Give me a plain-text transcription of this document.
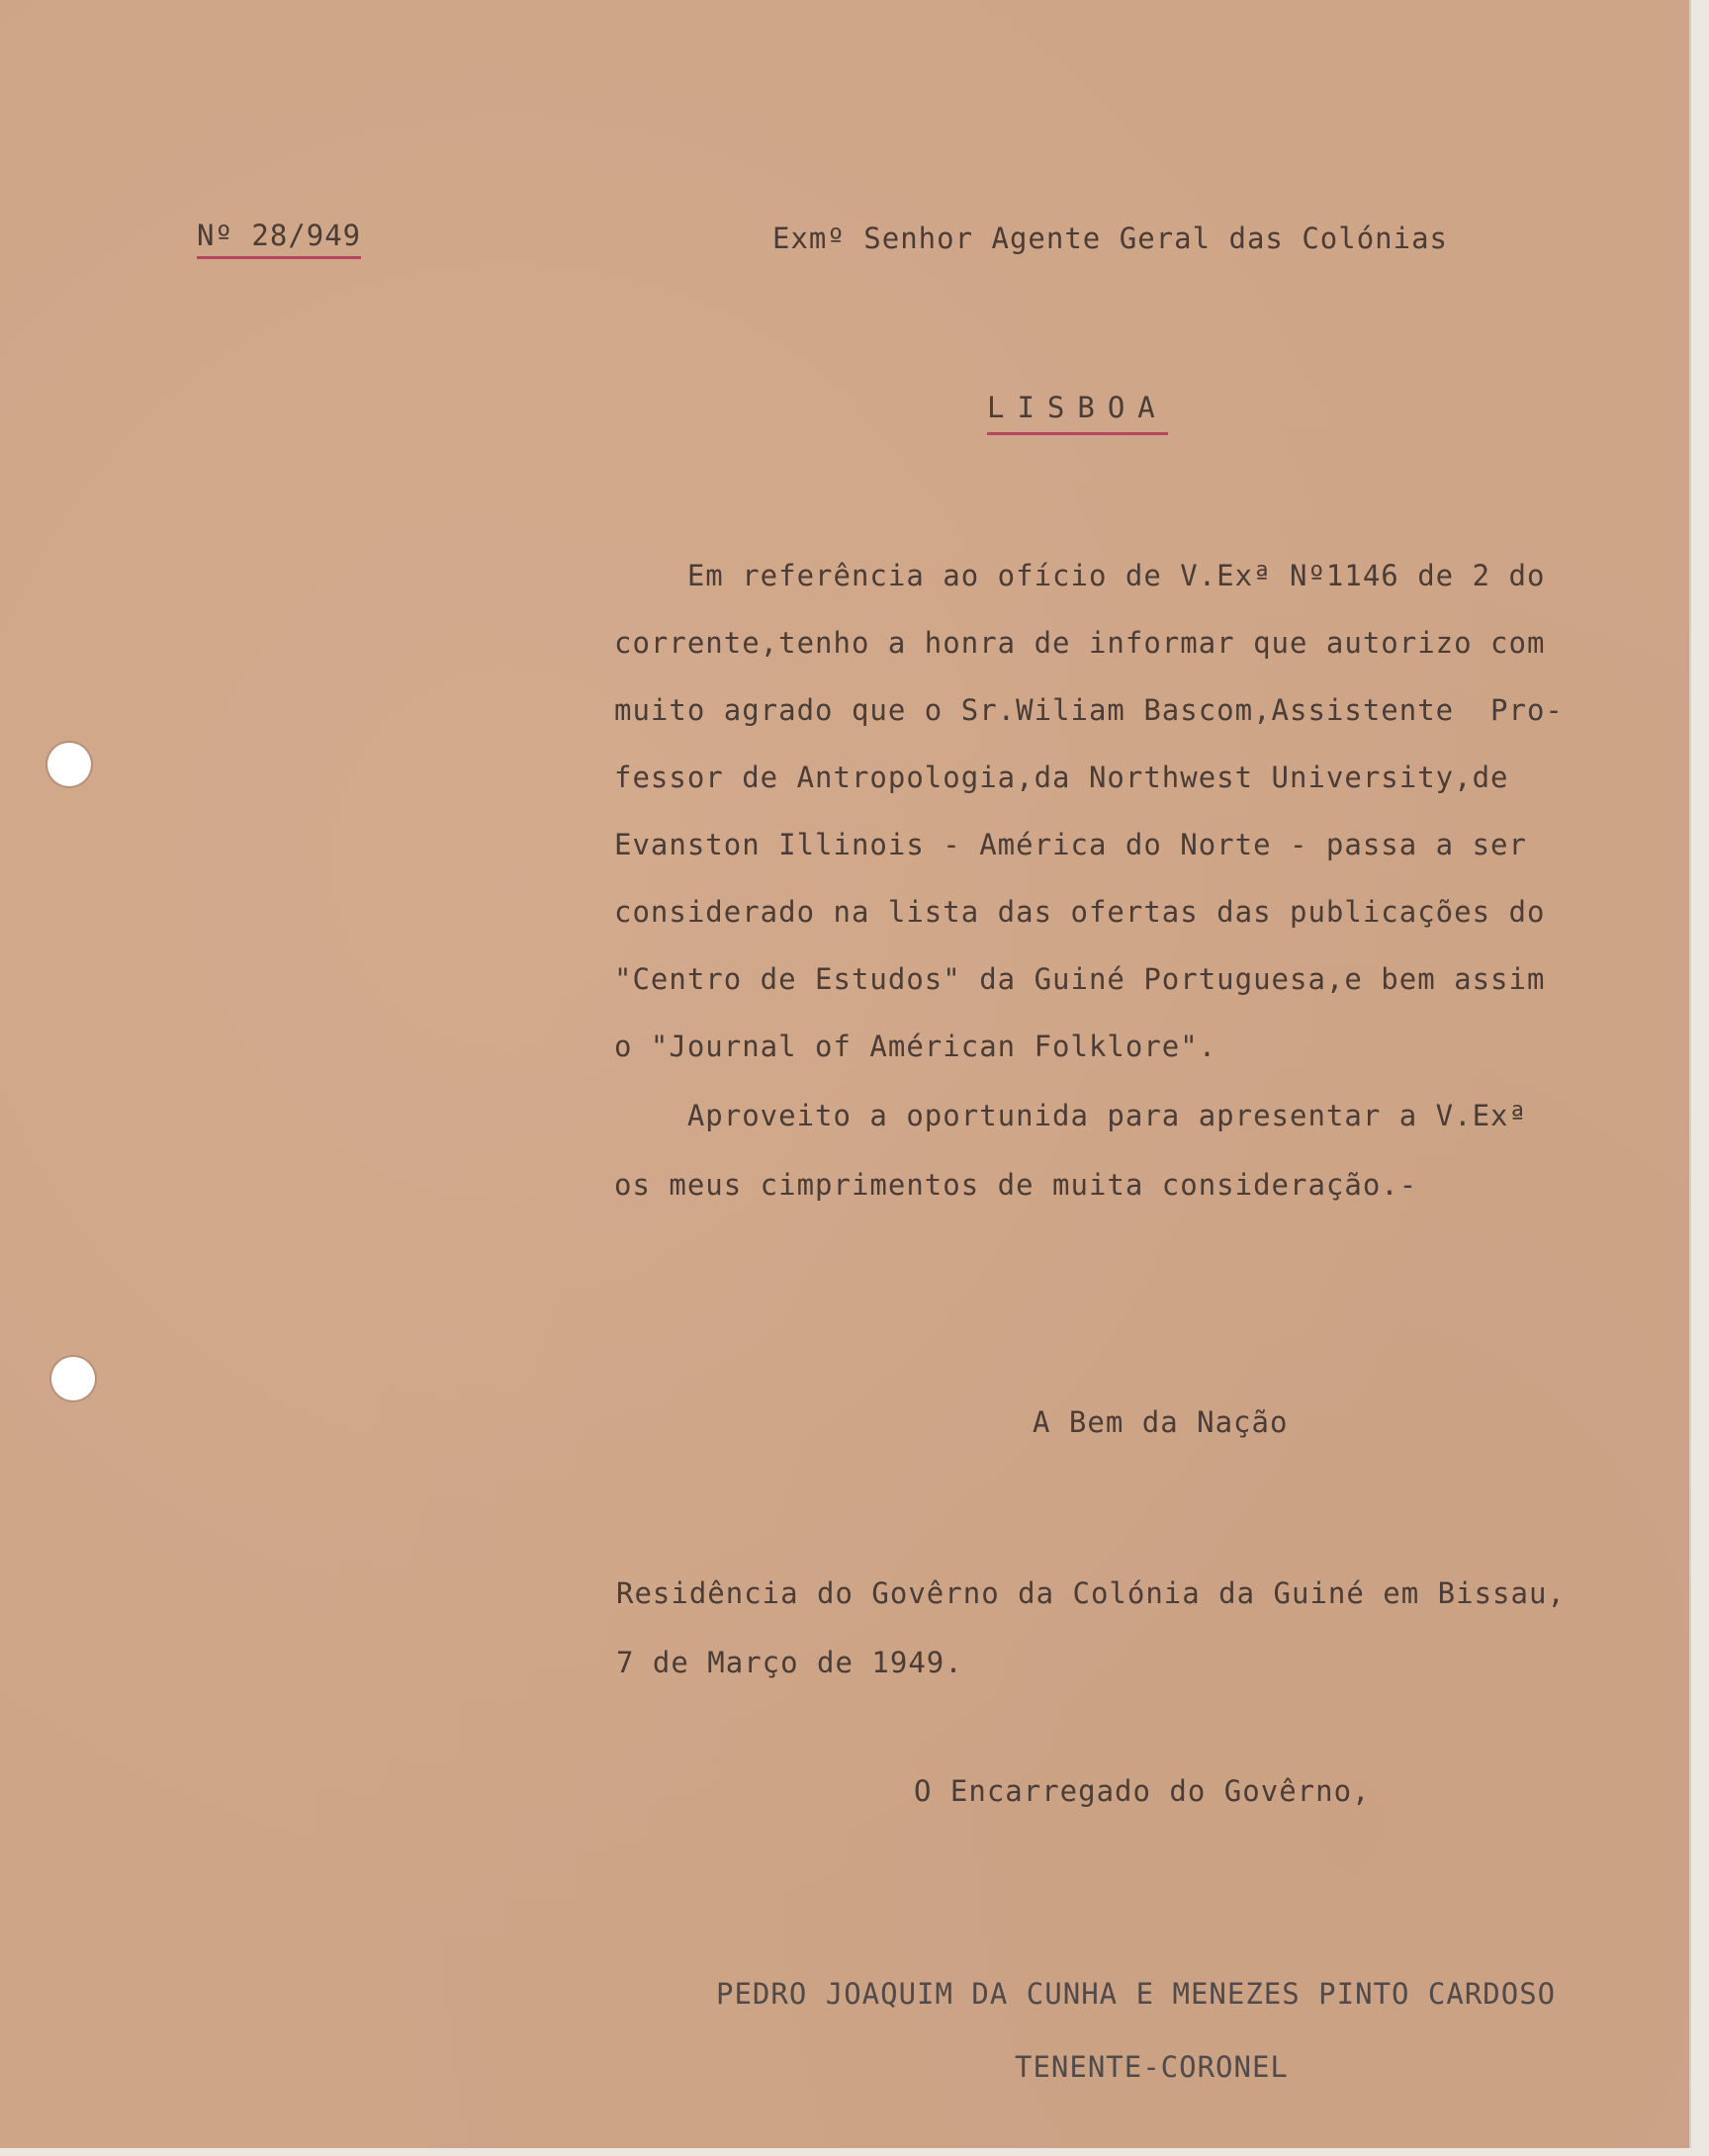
Nº 28/949	Exmº Senhor Agente Geral das Colónias
LISBOA
Em referência ao ofício de V.Exª Nº1146 de 2 do
corrente,tenho a honra de informar que autorizo com
muito agrado que o Sr.Wiliam Bascom,Assistente  Pro-
fessor de Antropologia,da Northwest University,de
Evanston Illinois - América do Norte - passa a ser
considerado na lista das ofertas das publicações do
"Centro de Estudos" da Guiné Portuguesa,e bem assim
o "Journal of Américan Folklore".
Aproveito a oportunida para apresentar a V.Exª
os meus cimprimentos de muita consideração.-
A Bem da Nação
Residência do Govêrno da Colónia da Guiné em Bissau,
7 de Março de 1949.
O Encarregado do Govêrno,
PEDRO JOAQUIM DA CUNHA E MENEZES PINTO CARDOSO
TENENTE-CORONEL
